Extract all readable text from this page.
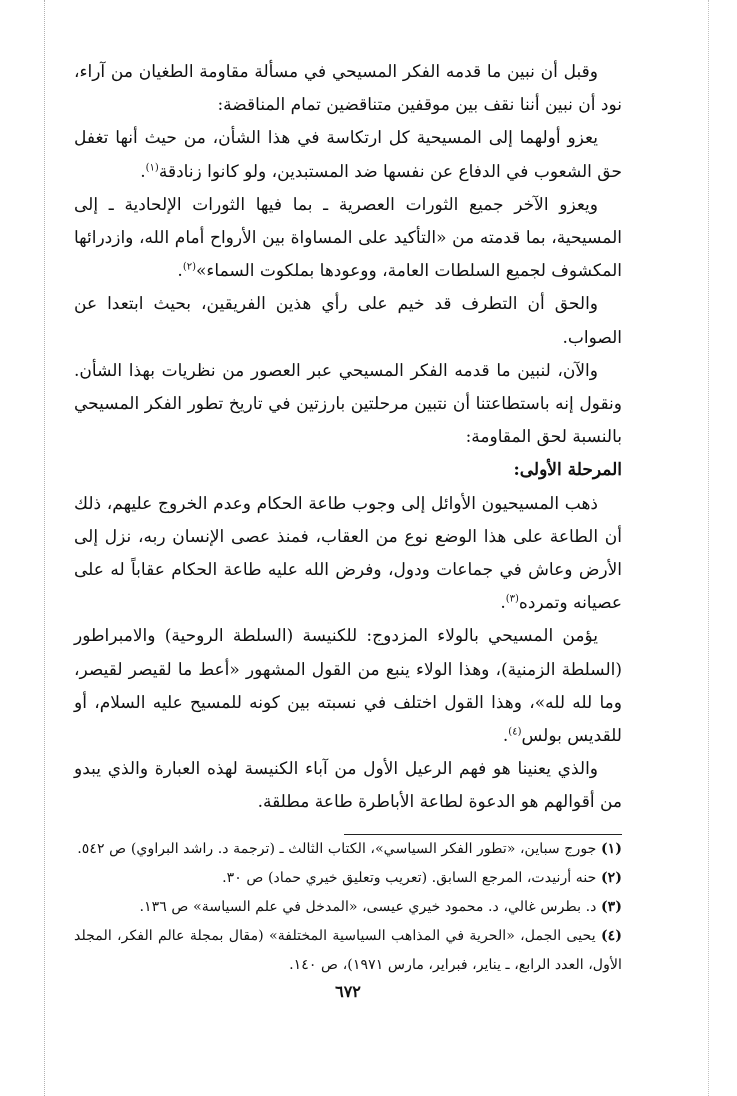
وقبل أن نبين ما قدمه الفكر المسيحي في مسألة مقاومة الطغيان من آراء، نود أن نبين أننا نقف بين موقفين متناقضين تمام المناقضة:

يعزو أولهما إلى المسيحية كل ارتكاسة في هذا الشأن، من حيث أنها تغفل حق الشعوب في الدفاع عن نفسها ضد المستبدين، ولو كانوا زنادقة$^{(١)}$.

ويعزو الآخر جميع الثورات العصرية ـ بما فيها الثورات الإلحادية ـ إلى المسيحية، بما قدمته من «التأكيد على المساواة بين الأرواح أمام الله، وازدرائها المكشوف لجميع السلطات العامة، ووعودها بملكوت السماء»$^{(٢)}$.

والحق أن التطرف قد خيم على رأي هذين الفريقين، بحيث ابتعدا عن الصواب.

والآن، لنبين ما قدمه الفكر المسيحي عبر العصور من نظريات بهذا الشأن. ونقول إنه باستطاعتنا أن نتبين مرحلتين بارزتين في تاريخ تطور الفكر المسيحي بالنسبة لحق المقاومة:

المرحلة الأولى:

ذهب المسيحيون الأوائل إلى وجوب طاعة الحكام وعدم الخروج عليهم، ذلك أن الطاعة على هذا الوضع نوع من العقاب، فمنذ عصى الإنسان ربه، نزل إلى الأرض وعاش في جماعات ودول، وفرض الله عليه طاعة الحكام عقاباً له على عصيانه وتمرده$^{(٣)}$.

يؤمن المسيحي بالولاء المزدوج: للكنيسة (السلطة الروحية) والامبراطور (السلطة الزمنية)، وهذا الولاء ينبع من القول المشهور «أعط ما لقيصر لقيصر، وما لله لله»، وهذا القول اختلف في نسبته بين كونه للمسيح عليه السلام، أو للقديس بولس$^{(٤)}$.

والذي يعنينا هو فهم الرعيل الأول من آباء الكنيسة لهذه العبارة والذي يبدو من أقوالهم هو الدعوة لطاعة الأباطرة طاعة مطلقة.

(١) جورج سباين، «تطور الفكر السياسي»، الكتاب الثالث ـ (ترجمة د. راشد البراوي) ص ٥٤٢.

(٢) حنه أرنيدت، المرجع السابق. (تعريب وتعليق خيري حماد) ص ٣٠.

(٣) د. بطرس غالي، د. محمود خيري عيسى، «المدخل في علم السياسة» ص ١٣٦.

(٤) يحيى الجمل، «الحرية في المذاهب السياسية المختلفة» (مقال بمجلة عالم الفكر، المجلد الأول، العدد الرابع، ـ يناير، فبراير، مارس ١٩٧١)، ص ١٤٠.

٦٧٢
